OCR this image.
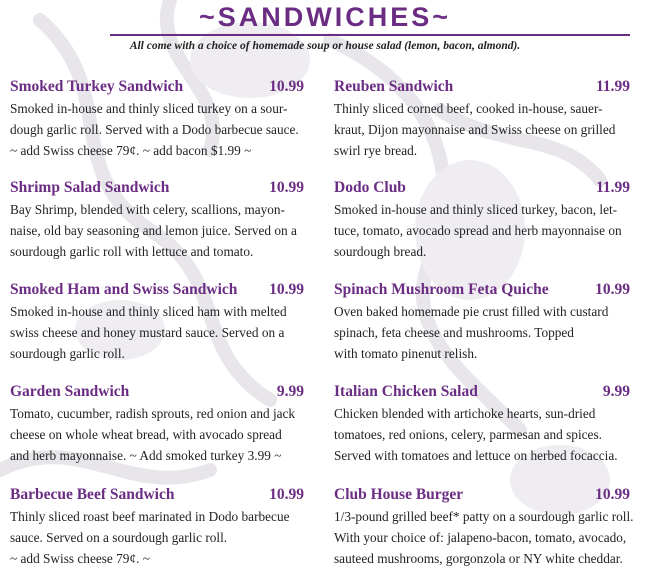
~SANDWICHES~
All come with a choice of homemade soup or house salad (lemon, bacon, almond).
Smoked Turkey Sandwich	10.99
Smoked in-house and thinly sliced turkey on a sour-
dough garlic roll. Served with a Dodo barbecue sauce.
~ add Swiss cheese 79¢. ~ add bacon $1.99 ~
Shrimp Salad Sandwich	10.99
Bay Shrimp, blended with celery, scallions, mayon-
naise, old bay seasoning and lemon juice. Served on a
sourdough garlic roll with lettuce and tomato.
Smoked Ham and Swiss Sandwich 10.99
Smoked in-house and thinly sliced ham with melted
swiss cheese and honey mustard sauce. Served on a
sourdough garlic roll.
Garden Sandwich	9.99
Tomato, cucumber, radish sprouts, red onion and jack
cheese on whole wheat bread, with avocado spread
and herb mayonnaise. ~ Add smoked turkey 3.99 ~
Barbecue Beef Sandwich	10.99
Thinly sliced roast beef marinated in Dodo barbecue
sauce. Served on a sourdough garlic roll.
~ add Swiss cheese 79¢. ~
Reuben Sandwich	11.99
Thinly sliced corned beef, cooked in-house, sauer-
kraut, Dijon mayonnaise and Swiss cheese on grilled
swirl rye bread.
Dodo Club	11.99
Smoked in-house and thinly sliced turkey, bacon, let-
tuce, tomato, avocado spread and herb mayonnaise on
sourdough bread.
Spinach Mushroom Feta Quiche	10.99
Oven baked homemade pie crust filled with custard
spinach, feta cheese and mushrooms. Topped
with tomato pinenut relish.
Italian Chicken Salad	9.99
Chicken blended with artichoke hearts, sun-dried
tomatoes, red onions, celery, parmesan and spices.
Served with tomatoes and lettuce on herbed focaccia.
Club House Burger	10.99
1/3-pound grilled beef* patty on a sourdough garlic roll.
With your choice of: jalapeno-bacon, tomato, avocado,
sauteed mushrooms, gorgonzola or NY white cheddar.
